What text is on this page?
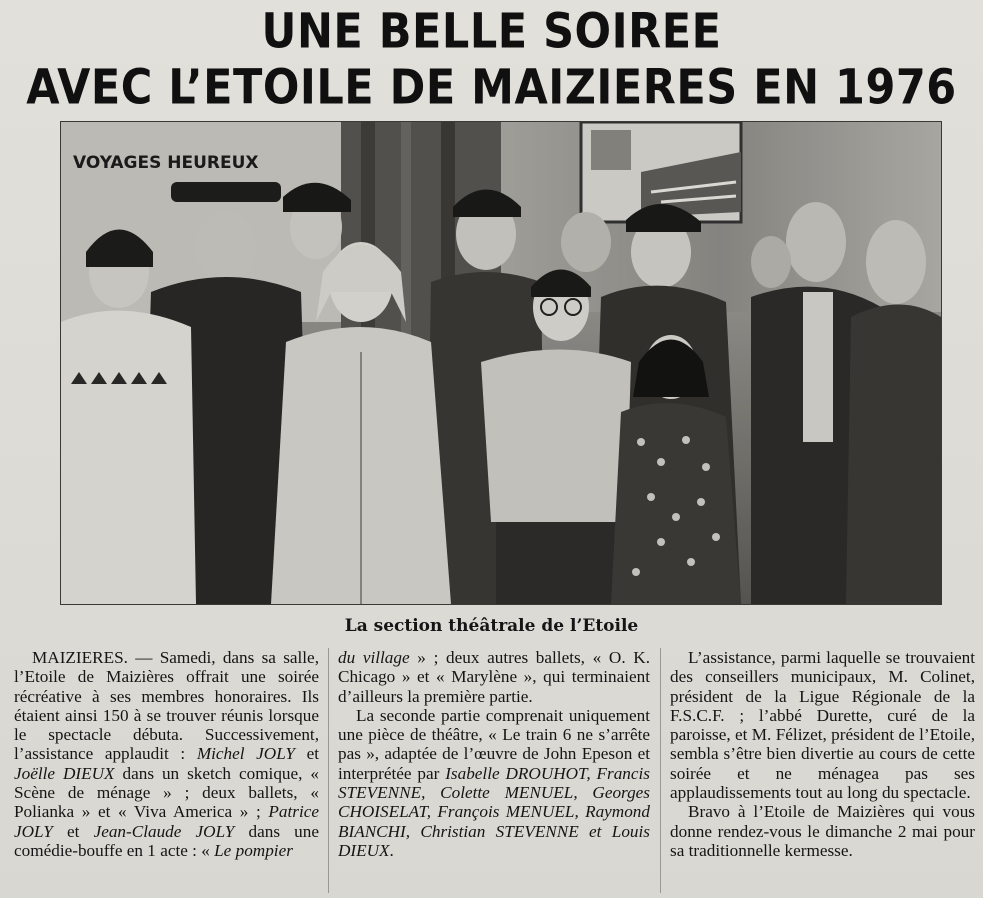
UNE BELLE SOIREE
AVEC L’ETOILE DE MAIZIERES EN 1976
VOYAGES HEUREUX
La section théâtrale de l’Etoile

MAIZIERES. — Samedi, dans sa salle, l’Etoile de Maizières offrait une soirée récréative à ses membres honoraires. Ils étaient ainsi 150 à se trouver réunis lorsque le spectacle débuta. Successivement, l’assistance applaudit : Michel JOLY et Joëlle DIEUX dans un sketch comique, « Scène de ménage » ; deux ballets, « Polianka » et « Viva America » ; Patrice JOLY et Jean-Claude JOLY dans une comédie-bouffe en 1 acte : « Le pompier

du village » ; deux autres ballets, « O. K. Chicago » et « Marylène », qui terminaient d’ailleurs la première partie.

La seconde partie comprenait uniquement une pièce de théâtre, « Le train 6 ne s’arrête pas », adaptée de l’œuvre de John Epeson et interprétée par Isabelle DROUHOT, Francis STEVENNE, Colette MENUEL, Georges CHOISELAT, François MENUEL, Raymond BIANCHI, Christian STEVENNE et Louis DIEUX.

L’assistance, parmi laquelle se trouvaient des conseillers municipaux, M. Colinet, président de la Ligue Régionale de la F.S.C.F. ; l’abbé Durette, curé de la paroisse, et M. Félizet, président de l’Etoile, sembla s’être bien divertie au cours de cette soirée et ne ménagea pas ses applaudissements tout au long du spectacle.

Bravo à l’Etoile de Maizières qui vous donne rendez-vous le dimanche 2 mai pour sa traditionnelle kermesse.
